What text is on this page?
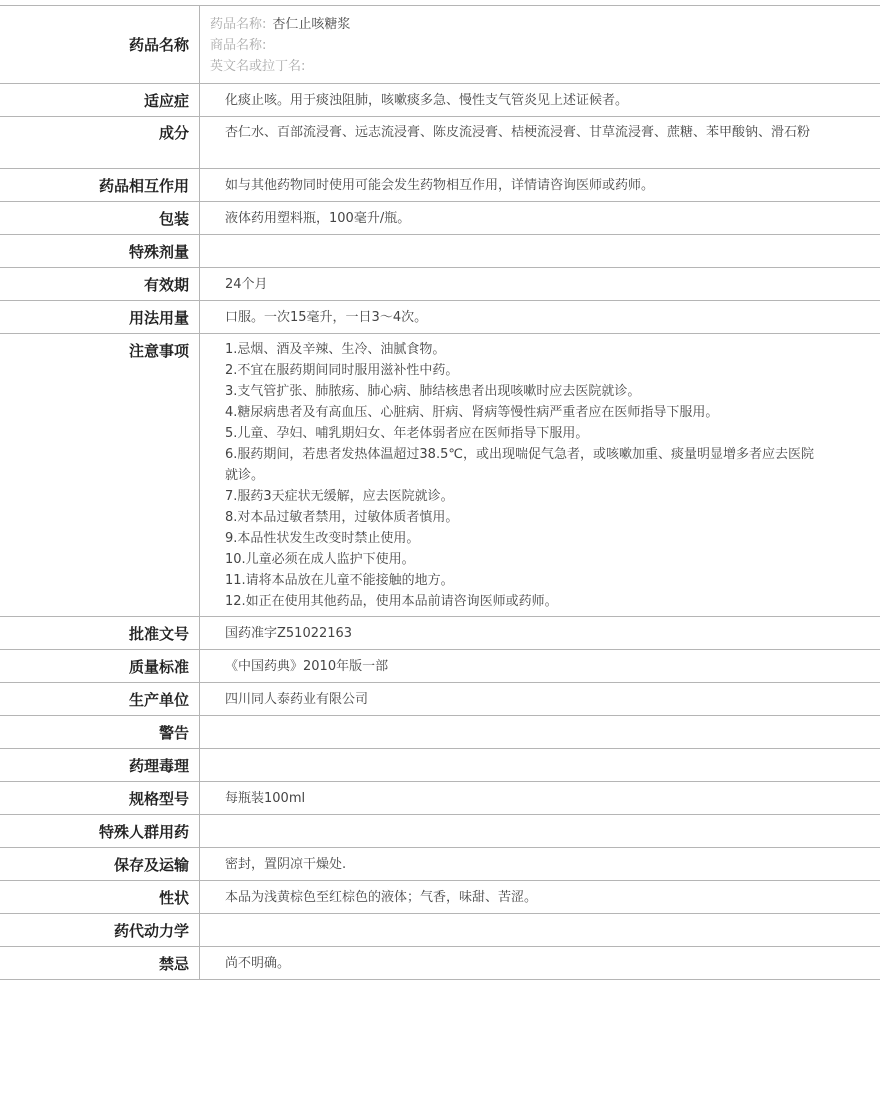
药品名称
药品名称: 杏仁止咳糖浆
商品名称:
英文名或拉丁名:
适应症	化痰止咳。用于痰浊阻肺，咳嗽痰多急、慢性支气管炎见上述证候者。
成分	杏仁水、百部流浸膏、远志流浸膏、陈皮流浸膏、桔梗流浸膏、甘草流浸膏、蔗糖、苯甲酸钠、滑石粉
药品相互作用	如与其他药物同时使用可能会发生药物相互作用，详情请咨询医师或药师。
包装	液体药用塑料瓶，100毫升/瓶。
特殊剂量
有效期	24个月
用法用量	口服。一次15毫升，一日3～4次。
注意事项	1.忌烟、酒及辛辣、生冷、油腻食物。
2.不宜在服药期间同时服用滋补性中药。
3.支气管扩张、肺脓疡、肺心病、肺结核患者出现咳嗽时应去医院就诊。
4.糖尿病患者及有高血压、心脏病、肝病、肾病等慢性病严重者应在医师指导下服用。
5.儿童、孕妇、哺乳期妇女、年老体弱者应在医师指导下服用。
6.服药期间，若患者发热体温超过38.5℃，或出现喘促气急者，或咳嗽加重、痰量明显增多者应去医院就诊。
7.服药3天症状无缓解，应去医院就诊。
8.对本品过敏者禁用，过敏体质者慎用。
9.本品性状发生改变时禁止使用。
10.儿童必须在成人监护下使用。
11.请将本品放在儿童不能接触的地方。
12.如正在使用其他药品，使用本品前请咨询医师或药师。
批准文号	国药准字Z51022163
质量标准	《中国药典》2010年版一部
生产单位	四川同人泰药业有限公司
警告
药理毒理
规格型号	每瓶装100ml
特殊人群用药
保存及运输	密封，置阴凉干燥处.
性状	本品为浅黄棕色至红棕色的液体；气香，味甜、苦涩。
药代动力学
禁忌	尚不明确。
